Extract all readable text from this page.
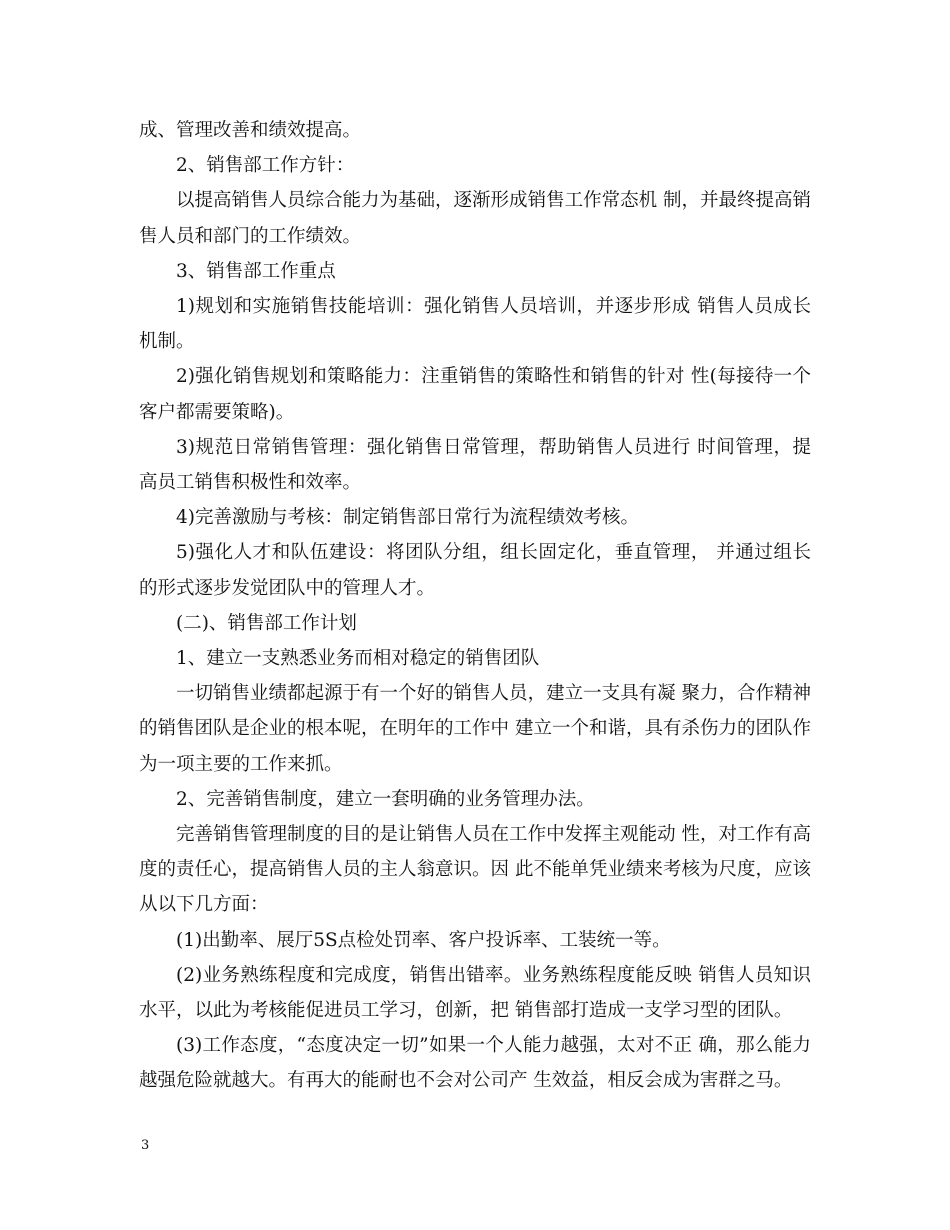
成、管理改善和绩效提高。

2、销售部工作方针：

以提高销售人员综合能力为基础，逐渐形成销售工作常态机 制，并最终提高销售人员和部门的工作绩效。

3、销售部工作重点

1)规划和实施销售技能培训：强化销售人员培训，并逐步形成 销售人员成长机制。

2)强化销售规划和策略能力：注重销售的策略性和销售的针对 性(每接待一个客户都需要策略)。

3)规范日常销售管理：强化销售日常管理，帮助销售人员进行 时间管理，提高员工销售积极性和效率。

4)完善激励与考核：制定销售部日常行为流程绩效考核。

5)强化人才和队伍建设：将团队分组，组长固定化，垂直管理， 并通过组长的形式逐步发觉团队中的管理人才。

(二)、销售部工作计划

1、建立一支熟悉业务而相对稳定的销售团队

一切销售业绩都起源于有一个好的销售人员，建立一支具有凝 聚力，合作精神的销售团队是企业的根本呢，在明年的工作中 建立一个和谐，具有杀伤力的团队作为一项主要的工作来抓。

2、完善销售制度，建立一套明确的业务管理办法。

完善销售管理制度的目的是让销售人员在工作中发挥主观能动 性，对工作有高度的责任心，提高销售人员的主人翁意识。因 此不能单凭业绩来考核为尺度，应该从以下几方面：

(1)出勤率、展厅5S点检处罚率、客户投诉率、工装统一等。

(2)业务熟练程度和完成度，销售出错率。业务熟练程度能反映 销售人员知识水平，以此为考核能促进员工学习，创新，把 销售部打造成一支学习型的团队。

(3)工作态度，“态度决定一切”如果一个人能力越强，太对不正 确，那么能力越强危险就越大。有再大的能耐也不会对公司产 生效益，相反会成为害群之马。

3
